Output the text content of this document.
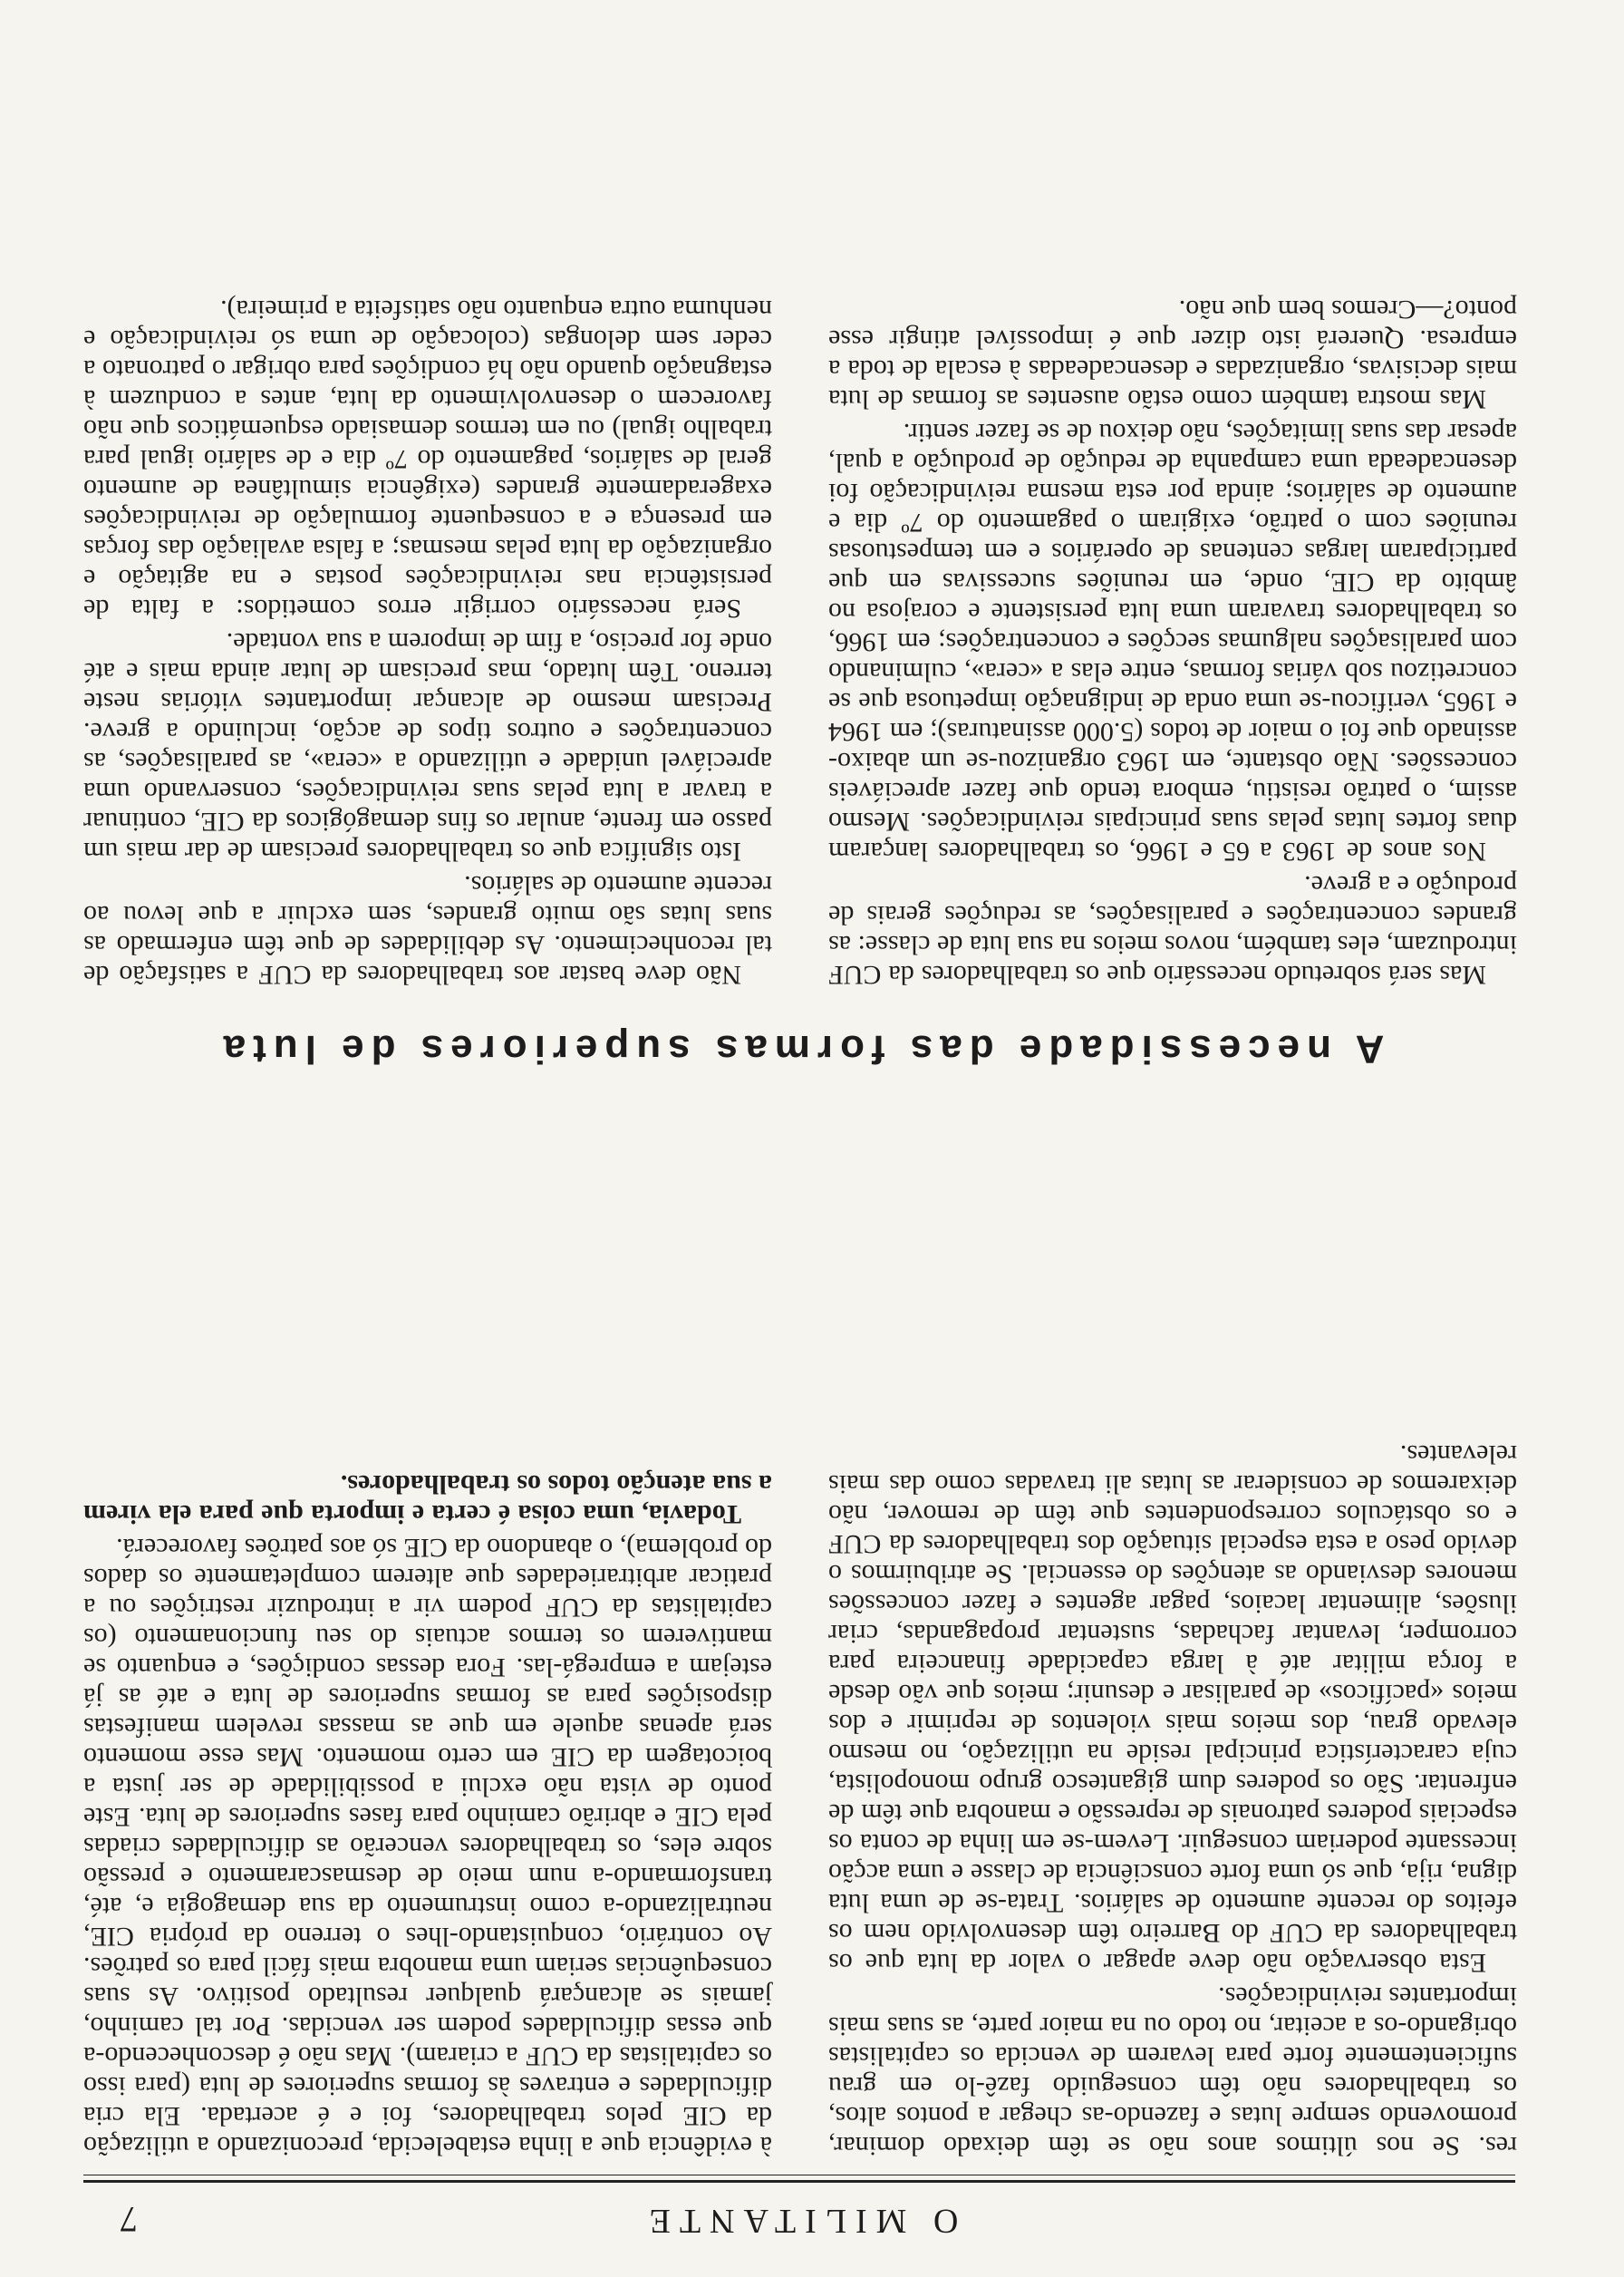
O MILITANTE
7

res. Se nos últimos anos não se têm deixado dominar, promovendo sempre lutas e fazendo-as chegar a pontos altos, os trabalhadores não têm conseguido fazê-lo em grau suficientemente forte para levarem de vencida os capitalistas obrigando-os a aceitar, no todo ou na maior parte, as suas mais importantes reivindicações.

Esta observação não deve apagar o valor da luta que os trabalhadores da CUF do Barreiro têm desenvolvido nem os efeitos do recente aumento de salários. Trata-se de uma luta digna, rija, que só uma forte consciência de classe e uma acção incessante poderiam conseguir. Levem-se em linha de conta os especiais poderes patronais de repressão e manobra que têm de enfrentar. São os poderes dum gigantesco grupo monopolista, cuja característica principal reside na utilização, no mesmo elevado grau, dos meios mais violentos de reprimir e dos meios «pacíficos» de paralisar e desunir; meios que vão desde a força militar até à larga capacidade financeira para corromper, levantar fachadas, sustentar propagandas, criar ilusões, alimentar lacaios, pagar agentes e fazer concessões menores desviando as atenções do essencial. Se atribuirmos o devido peso a esta especial situação dos trabalhadores da CUF e os obstáculos correspondentes que têm de remover, não deixaremos de considerar as lutas ali travadas como das mais relevantes.

à evidência que a linha estabelecida, preconizando a utilização da CIE pelos trabalhadores, foi e é acertada. Ela cria dificuldades e entraves às formas superiores de luta (para isso os capitalistas da CUF a criaram). Mas não é desconhecendo-a que essas dificuldades podem ser vencidas. Por tal caminho, jamais se alcançará qualquer resultado positivo. As suas consequências seriam uma manobra mais fácil para os patrões. Ao contrário, conquistando-lhes o terreno da própria CIE, neutralizando-a como instrumento da sua demagogia e, até, transformando-a num meio de desmascaramento e pressão sobre eles, os trabalhadores vencerão as dificuldades criadas pela CIE e abrirão caminho para fases superiores de luta. Este ponto de vista não exclui a possibilidade de ser justa a boicotagem da CIE em certo momento. Mas esse momento será apenas aquele em que as massas revelem manifestas disposições para as formas superiores de luta e até as já estejam a empregá-las. Fora dessas condições, e enquanto se mantiverem os termos actuais do seu funcionamento (os capitalistas da CUF podem vir a introduzir restrições ou a praticar arbitrariedades que alterem completamente os dados do problema), o abandono da CIE só aos patrões favorecerá.

Todavia, uma coisa é certa e importa que para ela virem a sua atenção todos os trabalhadores.

A necessidade das formas superiores de luta

Mas será sobretudo necessário que os trabalhadores da CUF introduzam, eles também, novos meios na sua luta de classe: as grandes concentrações e paralisações, as reduções gerais de produção e a greve.

Nos anos de 1963 a 65 e 1966, os trabalhadores lançaram duas fortes lutas pelas suas principais reivindicações. Mesmo assim, o patrão resistiu, embora tendo que fazer apreciáveis concessões. Não obstante, em 1963 organizou-se um abaixo-assinado que foi o maior de todos (5.000 assinaturas); em 1964 e 1965, verificou-se uma onda de indignação impetuosa que se concretizou sob várias formas, entre elas a «cera», culminando com paralisações nalgumas secções e concentrações; em 1966, os trabalhadores travaram uma luta persistente e corajosa no âmbito da CIE, onde, em reuniões sucessivas em que participaram largas centenas de operários e em tempestuosas reuniões com o patrão, exigiram o pagamento do 7º dia e aumento de salários; ainda por esta mesma reivindicação foi desencadeada uma campanha de redução de produção a qual, apesar das suas limitações, não deixou de se fazer sentir.

Mas mostra também como estão ausentes as formas de luta mais decisivas, organizadas e desencadeadas à escala de toda a empresa. Quererá isto dizer que é impossível atingir esse ponto?—Cremos bem que não.

Não deve bastar aos trabalhadores da CUF a satisfação de tal reconhecimento. As debilidades de que têm enfermado as suas lutas são muito grandes, sem excluir a que levou ao recente aumento de salários.

Isto significa que os trabalhadores precisam de dar mais um passo em frente, anular os fins demagógicos da CIE, continuar a travar a luta pelas suas reivindicações, conservando uma apreciável unidade e utilizando a «cera», as paralisações, as concentrações e outros tipos de acção, incluindo a greve. Precisam mesmo de alcançar importantes vitórias neste terreno. Têm lutado, mas precisam de lutar ainda mais e até onde for preciso, a fim de imporem a sua vontade.

Será necessário corrigir erros cometidos: a falta de persistência nas reivindicações postas e na agitação e organização da luta pelas mesmas; a falsa avaliação das forças em presença e a consequente formulação de reivindicações exageradamente grandes (exigência simultânea de aumento geral de salários, pagamento do 7º dia e de salário igual para trabalho igual) ou em termos demasiado esquemáticos que não favorecem o desenvolvimento da luta, antes a conduzem à estagnação quando não há condições para obrigar o patronato a ceder sem delongas (colocação de uma só reivindicação e nenhuma outra enquanto não satisfeita a primeira).
